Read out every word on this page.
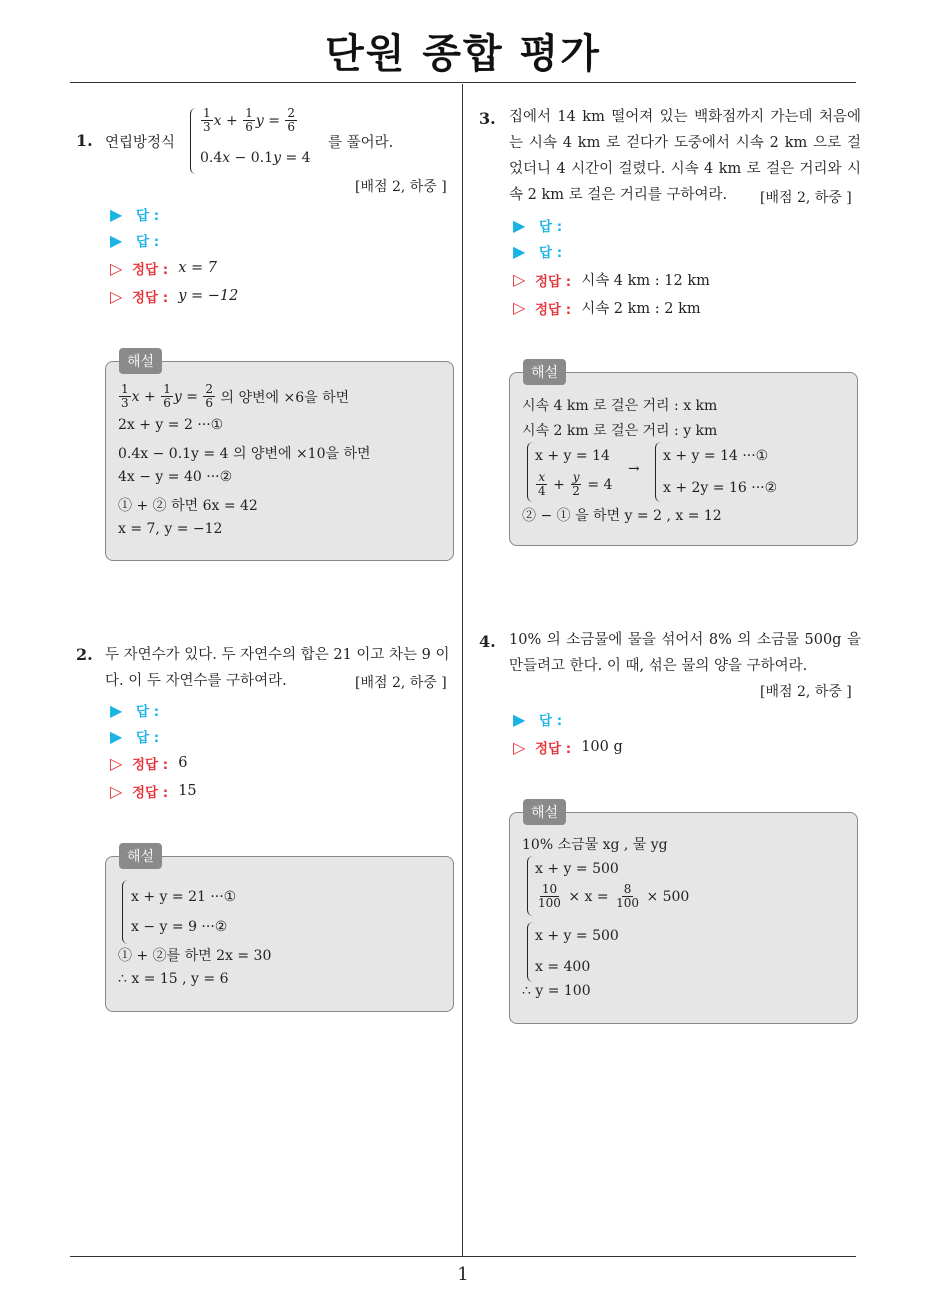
단원 종합 평가
1
1. 연립방정식
$\frac{1}{3}$ $x + \frac{1}{6}$ $y = \frac{2}{6}$
0.4 x − 0.1 y = 4
를 풀어라.
[배점 2, 하중 ]
▶	답 :
▶	답 :
▷ 정답 : x = 7
▷ 정답 : y = −12
해설
$\frac{1}{3}$ $x + \frac{1}{6}$ $y = \frac{2}{6}$
의 양변에 ×6을 하면
2x + y = 2 ···①
0.4x − 0.1y = 4 의 양변에 ×10을 하면
4x − y = 40 ···②
① + ② 하면 6x = 42
x = 7, y = −12
2. 두 자연수가 있다. 두 자연수의 합은 21 이고 차는 9 이다. 이 두 자연수를 구하여라.	[배점 2, 하중 ]
▶	답 :
▶	답 :
▷ 정답 : 6
▷ 정답 : 15
해설
x + y = 21 ···①
x − y = 9 ···②
① + ②를 하면 2x = 30
∴ x = 15 , y = 6
3. 집에서 14 km 떨어져 있는 백화점까지 가는데 처음에는 시속 4 km 로 걷다가 도중에서 시속 2 km 으로 걸었더니 4 시간이 걸렸다. 시속 4 km 로 걸은 거리와 시속 2 km 로 걸은 거리를 구하여라.	[배점 2, 하중 ]
▶	답 :
▶	답 :
▷ 정답 : 시속 4 km : 12 km
▷ 정답 : 시속 2 km : 2 km
해설
시속 4 km 로 걸은 거리 : x km
시속 2 km 로 걸은 거리 : y km
x + y = 14
$\frac{x}{4} + \frac{y}{2}$
= 4
→
x + y = 14 ···①
x + 2y = 16 ···②
② − ① 을 하면 y = 2 , x = 12
4. 10% 의 소금물에 물을 섞어서 8% 의 소금물 500g 을 만들려고 한다. 이 때, 섞은 물의 양을 구하여라.
[배점 2, 하중 ]
▶	답 :
▷ 정답 : 100 g
해설
10% 소금물 xg , 물 yg
x + y = 500
$\frac{10}{100}$
× x =
$\frac{8}{100}$
× 500
x + y = 500
x = 400
∴ y = 100
